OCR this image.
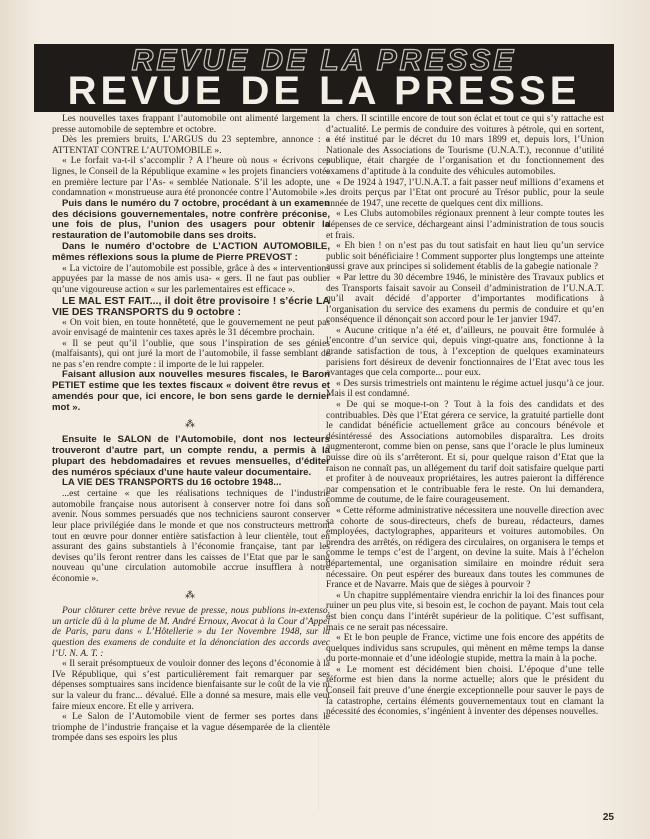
REVUE DE LA PRESSE
REVUE DE LA PRESSE

Les nouvelles taxes frappant l’automobile ont alimenté largement la presse automobile de septembre et octobre.

Dès les premiers bruits, L’ARGUS du 23 septembre, annonce : « ATTENTAT CONTRE L’AUTOMOBILE ».

« Le forfait va-t-il s’accomplir ? A l’heure où nous « écrivons ces lignes, le Conseil de la République examine « les projets financiers votés en première lecture par l’As- « semblée Nationale. S’il les adopte, une condamnation « monstrueuse aura été prononcée contre l’Automobile ».

Puis dans le numéro du 7 octobre, procédant à un examen des décisions gouvernementales, notre confrère préconise, une fois de plus, l’union des usagers pour obtenir la restauration de l’automobile dans ses droits.

Dans le numéro d’octobre de L’ACTION AUTOMOBILE, mêmes réflexions sous la plume de Pierre PREVOST :

« La victoire de l’automobile est possible, grâce à des « interventions appuyées par la masse de nos amis usa- « gers. Il ne faut pas oublier qu’une vigoureuse action « sur les parlementaires est efficace ».

LE MAL EST FAIT..., il doit être provisoire ! s’écrie LA VIE DES TRANSPORTS du 9 octobre :

« On voit bien, en toute honnêteté, que le gouvernement ne peut pas avoir envisagé de maintenir ces taxes après le 31 décembre prochain.

« Il se peut qu’il l’oublie, que sous l’inspiration de ses génies (malfaisants), qui ont juré la mort de l’automobile, il fasse semblant de ne pas s’en rendre compte : il importe de le lui rappeler.

Faisant allusion aux nouvelles mesures fiscales, le Baron PETIET estime que les textes fiscaux « doivent être revus et amendés pour que, ici encore, le bon sens garde le dernier mot ».

⁂

Ensuite le SALON de l’Automobile, dont nos lecteurs trouveront d’autre part, un compte rendu, a permis à la plupart des hebdomadaires et revues mensuelles, d’éditer des numéros spéciaux d’une haute valeur documentaire.

LA VIE DES TRANSPORTS du 16 octobre 1948...

...est certaine « que les réalisations techniques de l’industrie automobile française nous autorisent à conserver notre foi dans son avenir. Nous sommes persuadés que nos techniciens sauront conserver leur place privilégiée dans le monde et que nos constructeurs mettront tout en œuvre pour donner entière satisfaction à leur clientèle, tout en assurant des gains substantiels à l’économie française, tant par les devises qu’ils feront rentrer dans les caisses de l’Etat que par le sang nouveau qu’une circulation automobile accrue insufflera à notre économie ».

⁂

Pour clôturer cette brève revue de presse, nous publions in-extenso, un article dû à la plume de M. André Ernoux, Avocat à la Cour d’Appel de Paris, paru dans « L’Hôtellerie » du 1er Novembre 1948, sur la question des examens de conduite et la dénonciation des accords avec l’U. N. A. T. :

« Il serait présomptueux de vouloir donner des leçons d’économie à la IVe République, qui s’est particulièrement fait remarquer par ses dépenses somptuaires sans incidence bienfaisante sur le coût de la vie ni sur la valeur du franc... dévalué. Elle a donné sa mesure, mais elle veut faire mieux encore. Et elle y arrivera.

« Le Salon de l’Automobile vient de fermer ses portes dans le triomphe de l’industrie française et la vague désemparée de la clientèle trompée dans ses espoirs les plus

chers. Il scintille encore de tout son éclat et tout ce qui s’y rattache est d’actualité. Le permis de conduire des voitures à pétrole, qui en sortent, a été institué par le décret du 10 mars 1899 et, depuis lors, l’Union Nationale des Associations de Tourisme (U.N.A.T.), reconnue d’utilité publique, était chargée de l’organisation et du fonctionnement des examens d’aptitude à la conduite des véhicules automobiles.

« De 1924 à 1947, l’U.N.A.T. a fait passer neuf millions d’examens et les droits perçus par l’Etat ont procuré au Trésor public, pour la seule année de 1947, une recette de quelques cent dix millions.

« Les Clubs automobiles régionaux prennent à leur compte toutes les dépenses de ce service, déchargeant ainsi l’administration de tous soucis et frais.

« Eh bien ! on n’est pas du tout satisfait en haut lieu qu’un service public soit bénéficiaire ! Comment supporter plus longtemps une atteinte aussi grave aux principes si solidement établis de la gabegie nationale ?

« Par lettre du 30 décembre 1946, le ministère des Travaux publics et des Transports faisait savoir au Conseil d’administration de l’U.N.A.T. qu’il avait décidé d’apporter d’importantes modifications à l’organisation du service des examens du permis de conduire et qu’en conséquence il dénonçait son accord pour le 1er janvier 1947.

« Aucune critique n’a été et, d’ailleurs, ne pouvait être formulée à l’encontre d’un service qui, depuis vingt-quatre ans, fonctionne à la grande satisfaction de tous, à l’exception de quelques examinateurs parisiens fort désireux de devenir fonctionnaires de l’Etat avec tous les avantages que cela comporte... pour eux.

« Des sursis trimestriels ont maintenu le régime actuel jusqu’à ce jour. Mais il est condamné.

« De qui se moque-t-on ? Tout à la fois des candidats et des contribuables. Dès que l’Etat gérera ce service, la gratuité partielle dont le candidat bénéficie actuellement grâce au concours bénévole et désintéressé des Associations automobiles disparaîtra. Les droits augmenteront, comme bien on pense, sans que l’oracle le plus lumineux puisse dire où ils s’arrêteront. Et si, pour quelque raison d’Etat que la raison ne connaît pas, un allégement du tarif doit satisfaire quelque parti et profiter à de nouveaux propriétaires, les autres paieront la différence par compensation et le contribuable fera le reste. On lui demandera, comme de coutume, de le faire courageusement.

« Cette réforme administrative nécessitera une nouvelle direction avec sa cohorte de sous-directeurs, chefs de bureau, rédacteurs, dames employées, dactylographes, appariteurs et voitures automobiles. On prendra des arrêtés, on rédigera des circulaires, on organisera le temps et comme le temps c’est de l’argent, on devine la suite. Mais à l’échelon départemental, une organisation similaire en moindre réduit sera nécessaire. On peut espérer des bureaux dans toutes les communes de France et de Navarre. Mais que de sièges à pourvoir ?

« Un chapitre supplémentaire viendra enrichir la loi des finances pour ruiner un peu plus vite, si besoin est, le cochon de payant. Mais tout cela est bien conçu dans l’intérêt supérieur de la politique. C’est suffisant, mais ce ne serait pas nécessaire.

« Et le bon peuple de France, victime une fois encore des appétits de quelques individus sans scrupules, qui mènent en même temps la danse du porte-monnaie et d’une idéologie stupide, mettra la main à la poche.

« Le moment est décidément bien choisi. L’époque d’une telle réforme est bien dans la norme actuelle; alors que le président du Conseil fait preuve d’une énergie exceptionnelle pour sauver le pays de la catastrophe, certains éléments gouvernementaux tout en clamant la nécessité des économies, s’ingénient à inventer des dépenses nouvelles.

25
